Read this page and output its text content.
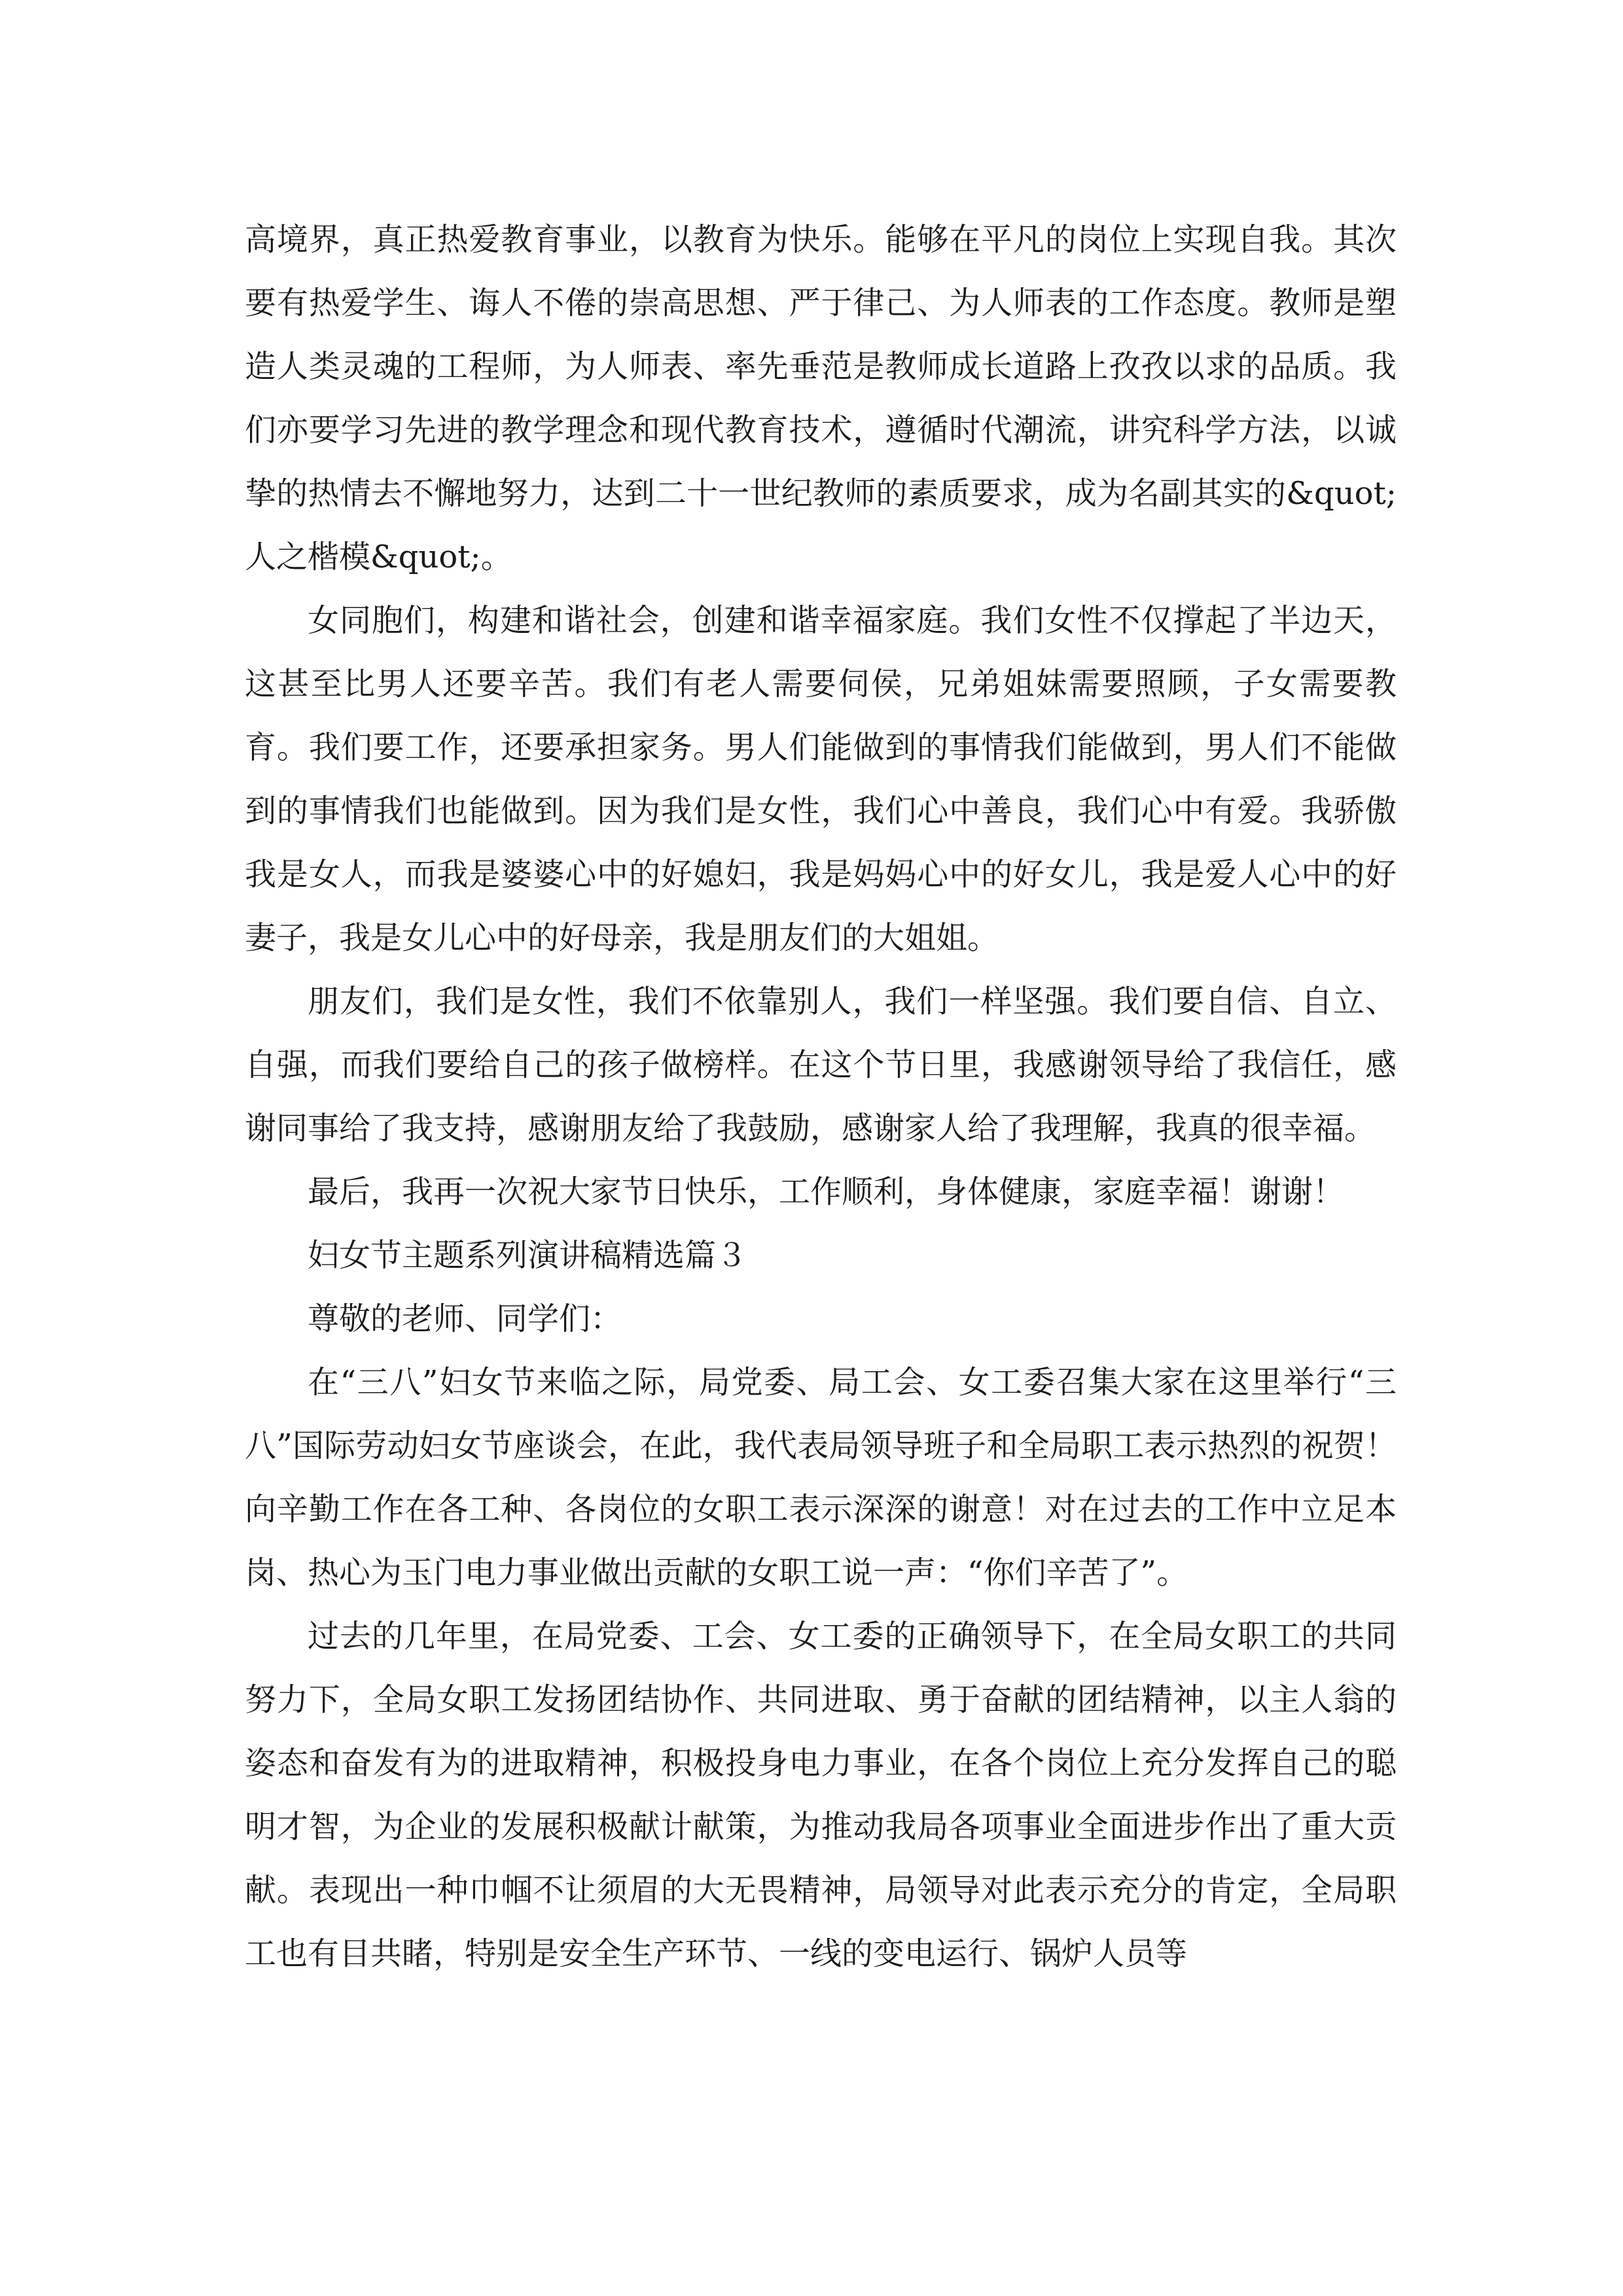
高境界，真正热爱教育事业，以教育为快乐。能够在平凡的岗位上实现自我。其次要有热爱学生、诲人不倦的崇高思想、严于律己、为人师表的工作态度。教师是塑造人类灵魂的工程师，为人师表、率先垂范是教师成长道路上孜孜以求的品质。我们亦要学习先进的教学理念和现代教育技术，遵循时代潮流，讲究科学方法，以诚挚的热情去不懈地努力，达到二十一世纪教师的素质要求，成为名副其实的&quot;人之楷模&quot;。

女同胞们，构建和谐社会，创建和谐幸福家庭。我们女性不仅撑起了半边天，这甚至比男人还要辛苦。我们有老人需要伺侯，兄弟姐妹需要照顾，子女需要教育。我们要工作，还要承担家务。男人们能做到的事情我们能做到，男人们不能做到的事情我们也能做到。因为我们是女性，我们心中善良，我们心中有爱。我骄傲我是女人，而我是婆婆心中的好媳妇，我是妈妈心中的好女儿，我是爱人心中的好妻子，我是女儿心中的好母亲，我是朋友们的大姐姐。

朋友们，我们是女性，我们不依靠别人，我们一样坚强。我们要自信、自立、自强，而我们要给自己的孩子做榜样。在这个节日里，我感谢领导给了我信任，感谢同事给了我支持，感谢朋友给了我鼓励，感谢家人给了我理解，我真的很幸福。

最后，我再一次祝大家节日快乐，工作顺利，身体健康，家庭幸福！谢谢！

妇女节主题系列演讲稿精选篇３

尊敬的老师、同学们：

在“三八”妇女节来临之际，局党委、局工会、女工委召集大家在这里举行“三八”国际劳动妇女节座谈会，在此，我代表局领导班子和全局职工表示热烈的祝贺！向辛勤工作在各工种、各岗位的女职工表示深深的谢意！对在过去的工作中立足本岗、热心为玉门电力事业做出贡献的女职工说一声：“你们辛苦了”。

过去的几年里，在局党委、工会、女工委的正确领导下，在全局女职工的共同努力下，全局女职工发扬团结协作、共同进取、勇于奋献的团结精神，以主人翁的姿态和奋发有为的进取精神，积极投身电力事业，在各个岗位上充分发挥自己的聪明才智，为企业的发展积极献计献策，为推动我局各项事业全面进步作出了重大贡献。表现出一种巾帼不让须眉的大无畏精神，局领导对此表示充分的肯定，全局职工也有目共睹，特别是安全生产环节、一线的变电运行、锅炉人员等
